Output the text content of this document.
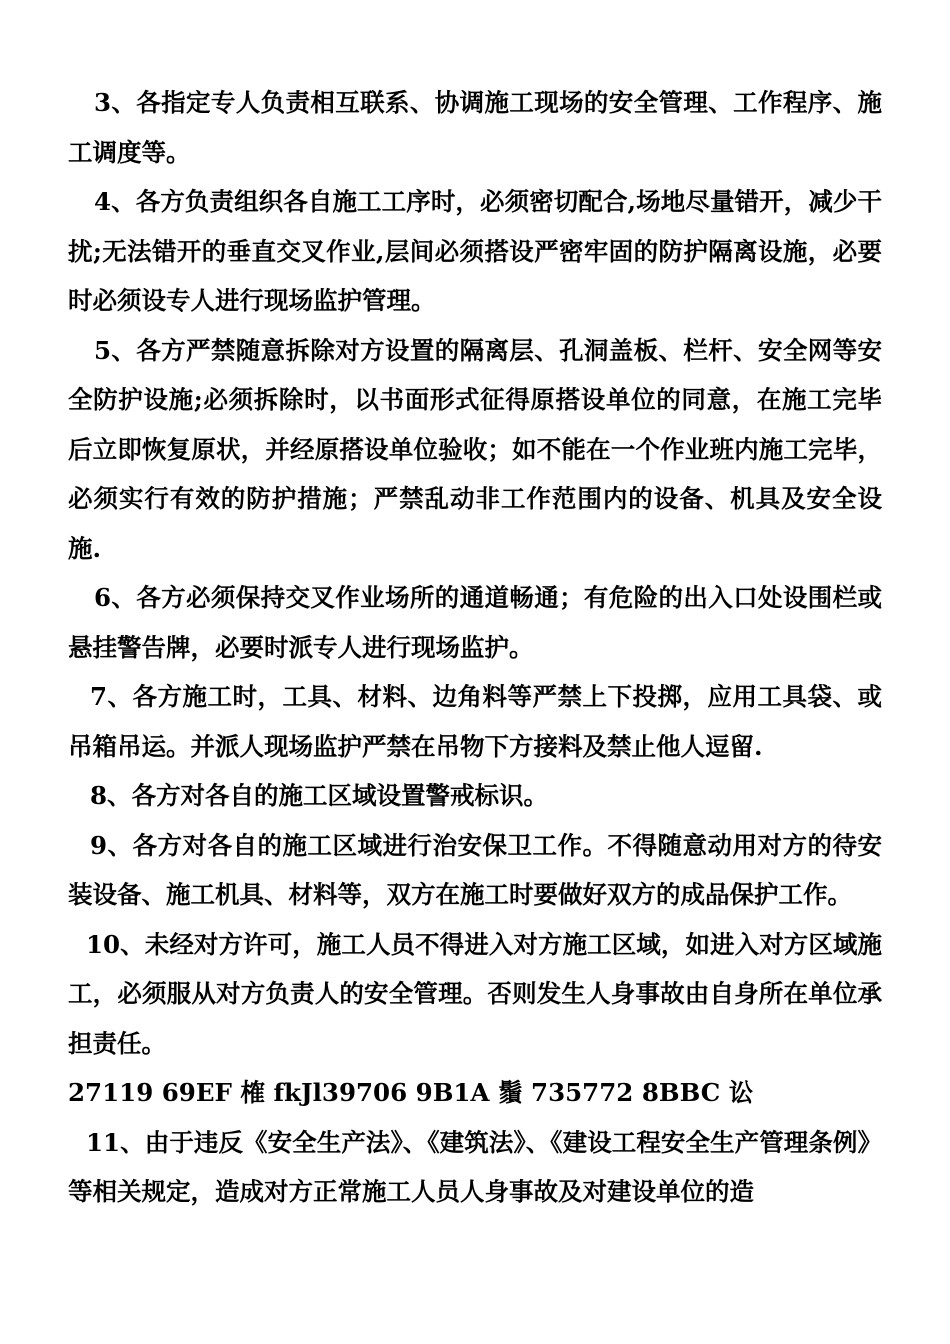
3、各指定专人负责相互联系、协调施工现场的安全管理、工作程序、施工调度等。

4、各方负责组织各自施工工序时，必须密切配合,场地尽量错开，减少干扰;无法错开的垂直交叉作业,层间必须搭设严密牢固的防护隔离设施，必要时必须设专人进行现场监护管理。

5、各方严禁随意拆除对方设置的隔离层、孔洞盖板、栏杆、安全网等安全防护设施;必须拆除时，以书面形式征得原搭设单位的同意，在施工完毕后立即恢复原状，并经原搭设单位验收；如不能在一个作业班内施工完毕，必须实行有效的防护措施；严禁乱动非工作范围内的设备、机具及安全设施.

6、各方必须保持交叉作业场所的通道畅通；有危险的出入口处设围栏或悬挂警告牌，必要时派专人进行现场监护。

7、各方施工时，工具、材料、边角料等严禁上下投掷，应用工具袋、或吊箱吊运。并派人现场监护严禁在吊物下方接料及禁止他人逗留.

8、各方对各自的施工区域设置警戒标识。

9、各方对各自的施工区域进行治安保卫工作。不得随意动用对方的待安装设备、施工机具、材料等，双方在施工时要做好双方的成品保护工作。

10、未经对方许可，施工人员不得进入对方施工区域，如进入对方区域施工，必须服从对方负责人的安全管理。否则发生人身事故由自身所在单位承担责任。

27119 69EF 榷 fkJl39706 9B1A 鬚 735772 8BBC 讼

11、由于违反《安全生产法》、《建筑法》、《建设工程安全生产管理条例》等相关规定，造成对方正常施工人员人身事故及对建设单位的造
